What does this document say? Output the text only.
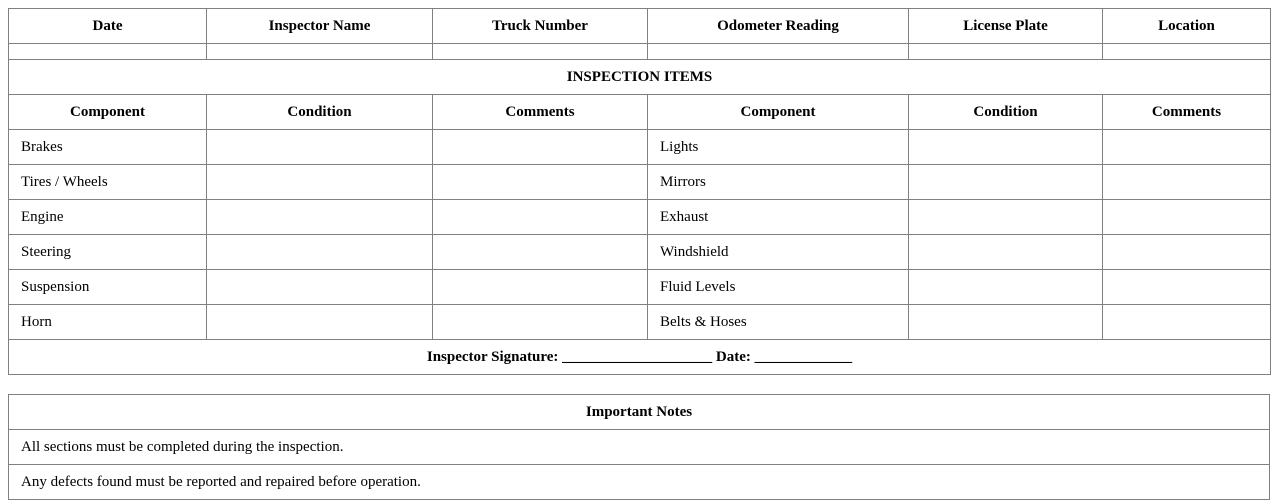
Date	Inspector Name	Truck Number	Odometer Reading	License Plate	Location

INSPECTION ITEMS					
Component	Condition	Comments	Component	Condition	Comments
Brakes			Lights		
Tires / Wheels			Mirrors		
Engine			Exhaust		
Steering			Windshield		
Suspension			Fluid Levels		
Horn			Belts & Hoses		
Inspector Signature: ____________________ Date: _____________					
Important Notes
All sections must be completed during the inspection.
Any defects found must be reported and repaired before operation.
